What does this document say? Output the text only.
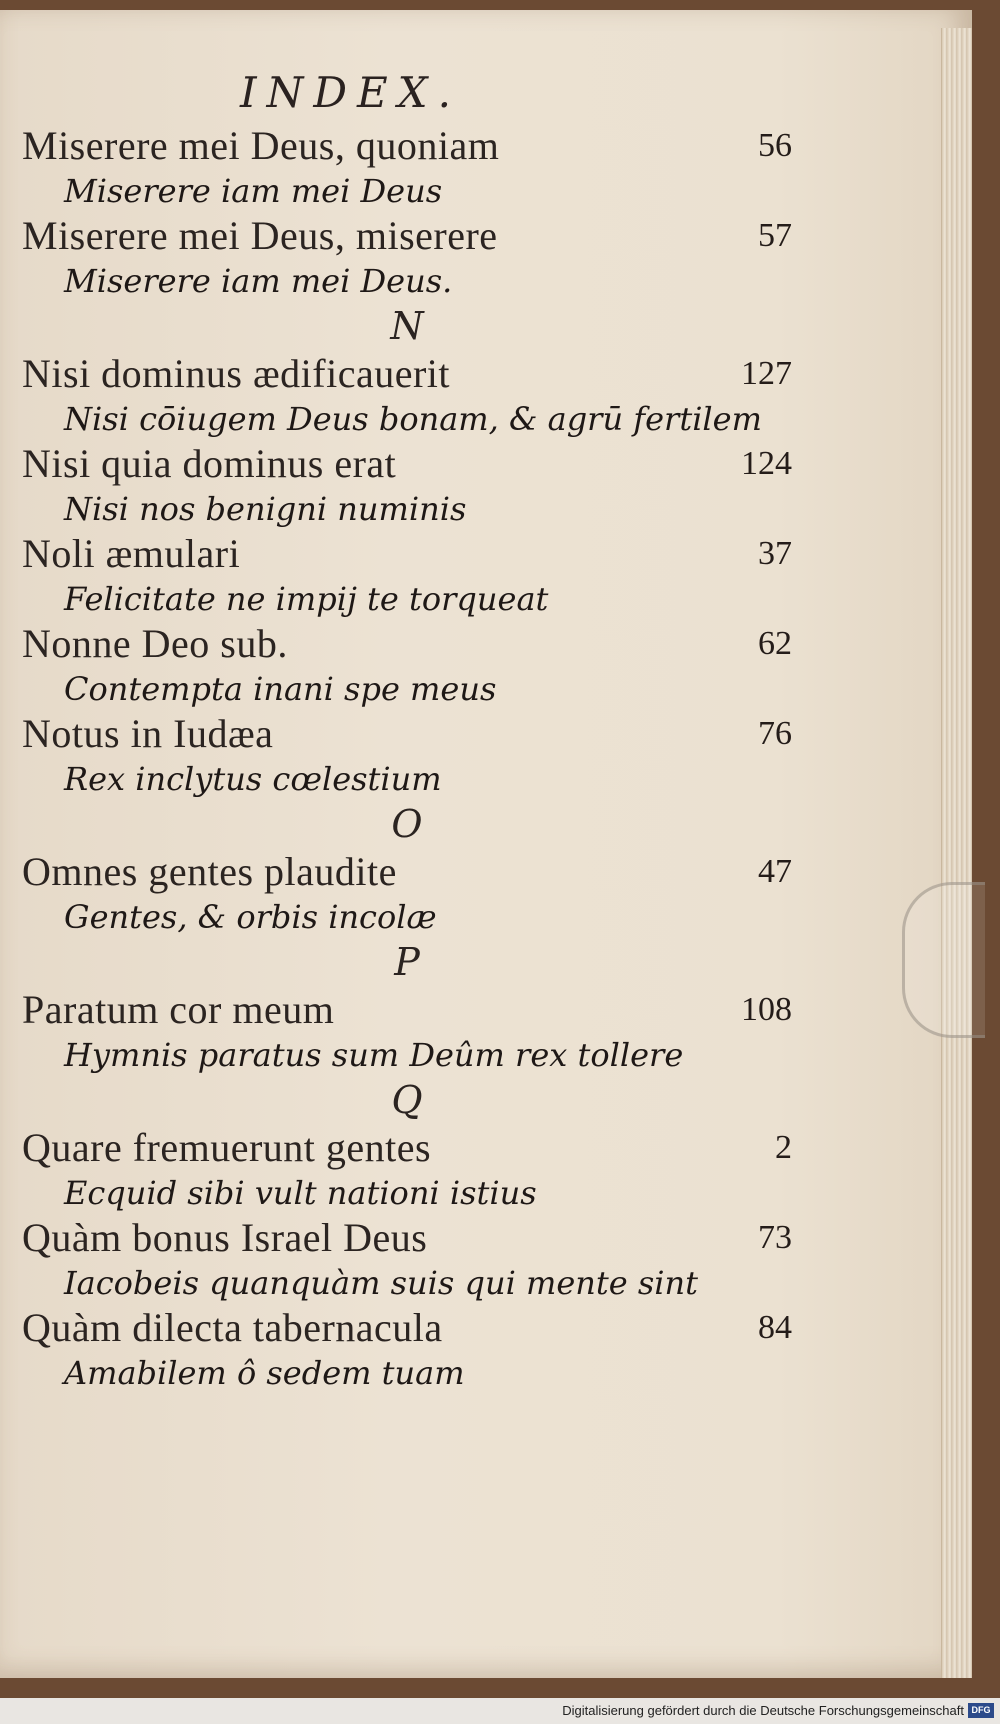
INDEX.
Miserere mei Deus, quoniam	56
Miserere iam mei Deus
Miserere mei Deus, miserere	57
Miserere iam mei Deus.
N
Nisi dominus ædificauerit	127
Nisi cōiugem Deus bonam, & agrū fertilem
Nisi quia dominus erat	124
Nisi nos benigni numinis
Noli æmulari	37
Felicitate ne impij te torqueat
Nonne Deo sub.	62
Contempta inani spe meus
Notus in Iudæa	76
Rex inclytus cœlestium
O
Omnes gentes plaudite	47
Gentes, & orbis incolæ
P
Paratum cor meum	108
Hymnis paratus sum Deûm rex tollere
Q
Quare fremuerunt gentes	2
Ecquid sibi vult nationi istius
Quàm bonus Israel Deus	73
Iacobeis quanquàm suis qui mente sint
Quàm dilecta tabernacula	84
Amabilem ô sedem tuam
Digitalisierung gefördert durch die Deutsche Forschungsgemeinschaft DFG
